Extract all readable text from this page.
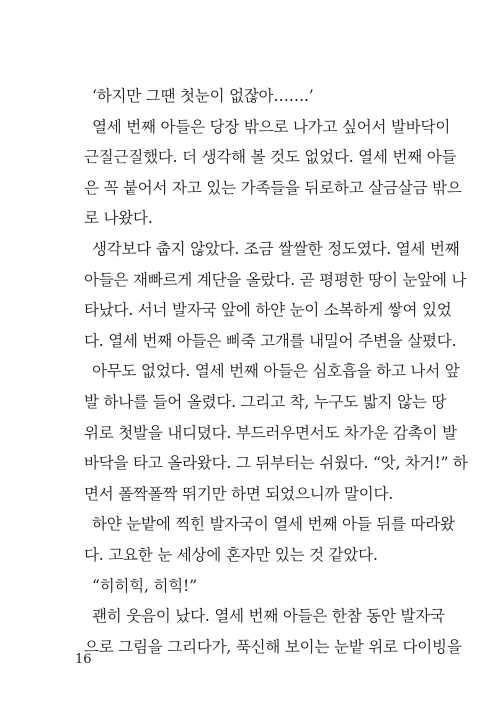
‘하지만 그땐 첫눈이 없잖아…….’
열세 번째 아들은 당장 밖으로 나가고 싶어서 발바닥이
근질근질했다. 더 생각해 볼 것도 없었다. 열세 번째 아들
은 꼭 붙어서 자고 있는 가족들을 뒤로하고 살금살금 밖으
로 나왔다.
생각보다 춥지 않았다. 조금 쌀쌀한 정도였다. 열세 번째
아들은 재빠르게 계단을 올랐다. 곧 평평한 땅이 눈앞에 나
타났다. 서너 발자국 앞에 하얀 눈이 소복하게 쌓여 있었
다. 열세 번째 아들은 삐죽 고개를 내밀어 주변을 살폈다.
아무도 없었다. 열세 번째 아들은 심호흡을 하고 나서 앞
발 하나를 들어 올렸다. 그리고 착, 누구도 밟지 않는 땅
위로 첫발을 내디뎠다. 부드러우면서도 차가운 감촉이 발
바닥을 타고 올라왔다. 그 뒤부터는 쉬웠다. “앗, 차거!” 하
면서 폴짝폴짝 뛰기만 하면 되었으니까 말이다.
하얀 눈밭에 찍힌 발자국이 열세 번째 아들 뒤를 따라왔
다. 고요한 눈 세상에 혼자만 있는 것 같았다.
“히히힉, 히힉!”
괜히 웃음이 났다. 열세 번째 아들은 한참 동안 발자국
으로 그림을 그리다가, 푹신해 보이는 눈밭 위로 다이빙을
16
